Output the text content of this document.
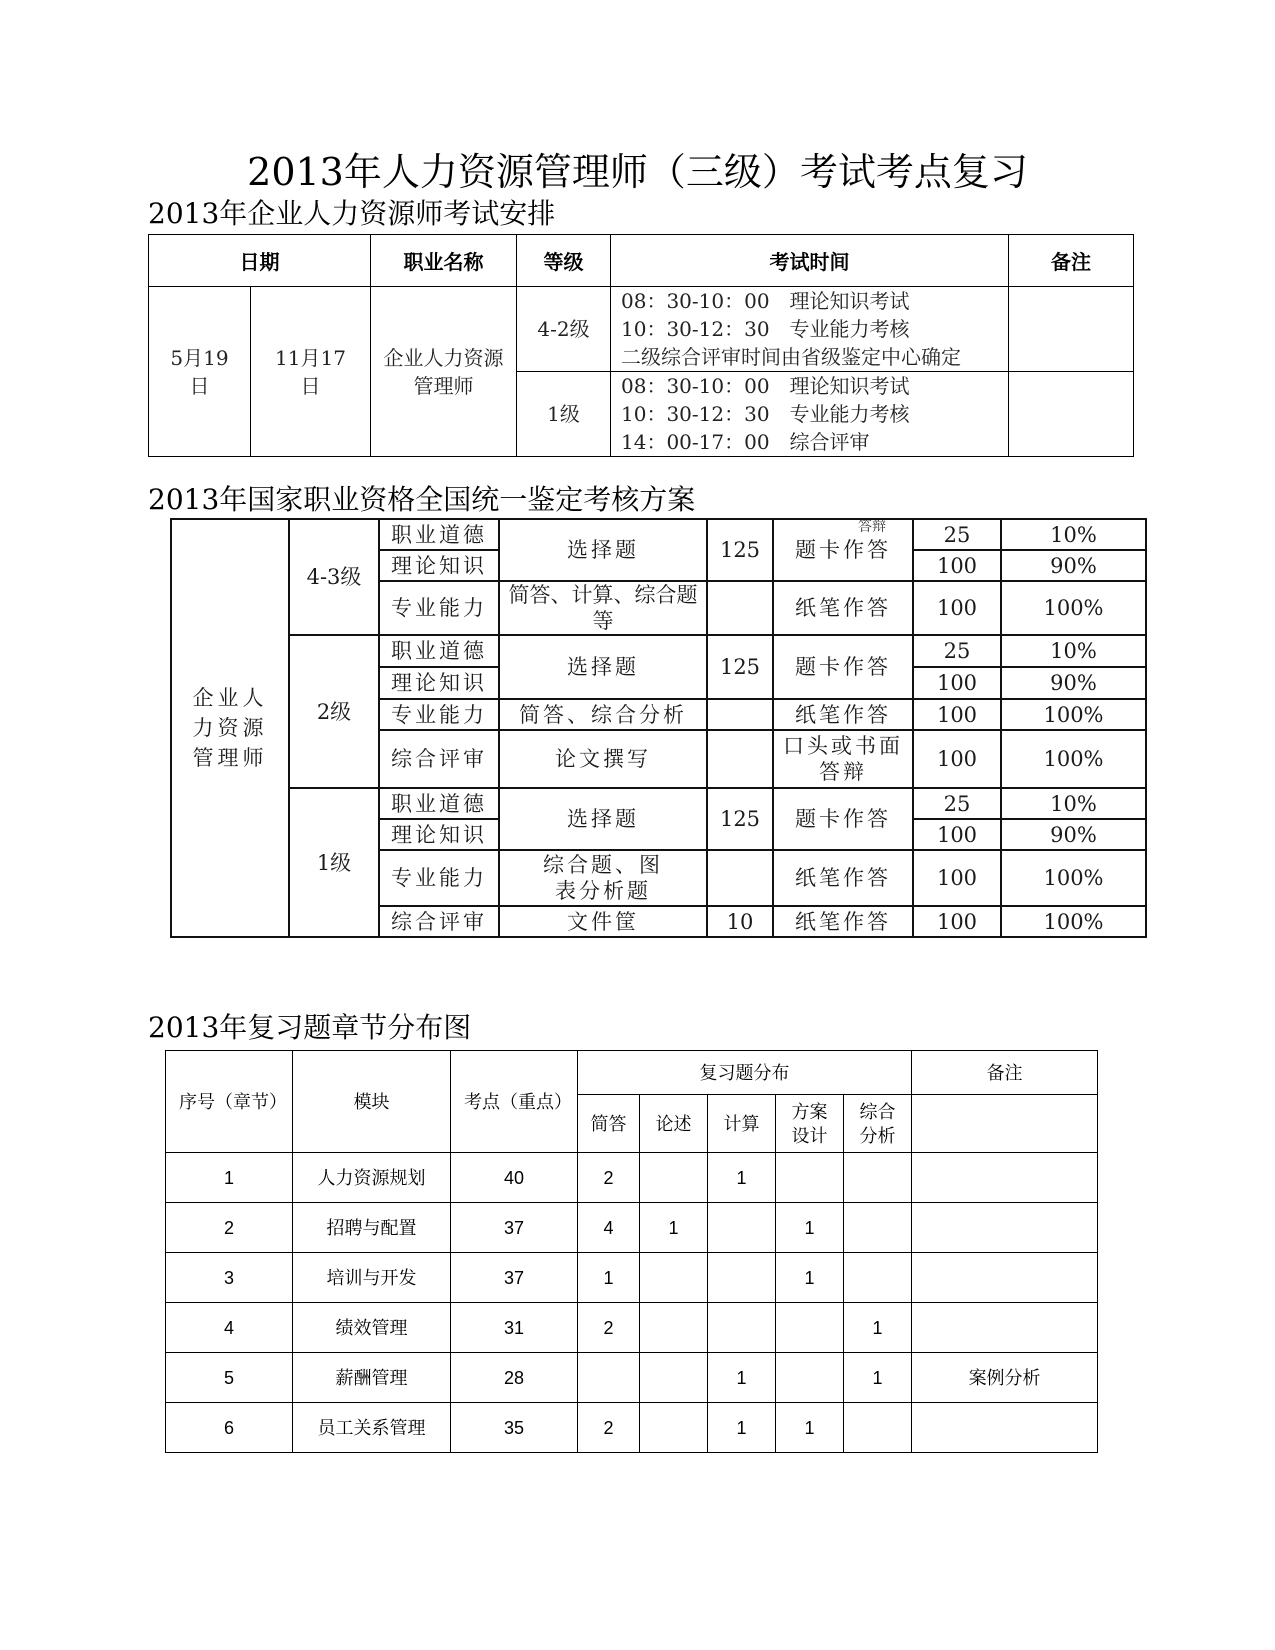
2013年人力资源管理师（三级）考试考点复习
2013年企业人力资源师考试安排
日期		职业名称	等级	考试时间	备注

5月19日	11月17日	企业人力资源管理师	4-2级	08：30-10：00　理论知识考试
10：30-12：30　专业能力考核
二级综合评审时间由省级鉴定中心确定	

			1级	08：30-10：00　理论知识考试
10：30-12：30　专业能力考核
14：00-17：00　综合评审	

2013年国家职业资格全国统一鉴定考核方案
答辩
企业人力资源管理师	4-3级	职业道德	选择题	125	题卡作答	25	10%
		理论知识				100	90%
		专业能力	简答、计算、综合题等		纸笔作答	100	100%
	2级	职业道德	选择题	125	题卡作答	25	10%
		理论知识				100	90%
		专业能力	简答、综合分析		纸笔作答	100	100%
		综合评审	论文撰写		口头或书面答辩	100	100%
	1级	职业道德	选择题	125	题卡作答	25	10%
		理论知识				100	90%
		专业能力	综合题、图表分析题		纸笔作答	100	100%
		综合评审	文件筐	10	纸笔作答	100	100%
2013年复习题章节分布图
序号（章节）	模块	考点（重点）	复习题分布					备注
			简答	论述	计算	方案设计	综合分析	

1	人力资源规划	40	2		1			
2	招聘与配置	37	4	1		1		
3	培训与开发	37	1			1		
4	绩效管理	31	2				1	
5	薪酬管理	28			1		1	案例分析
6	员工关系管理	35	2		1	1		
